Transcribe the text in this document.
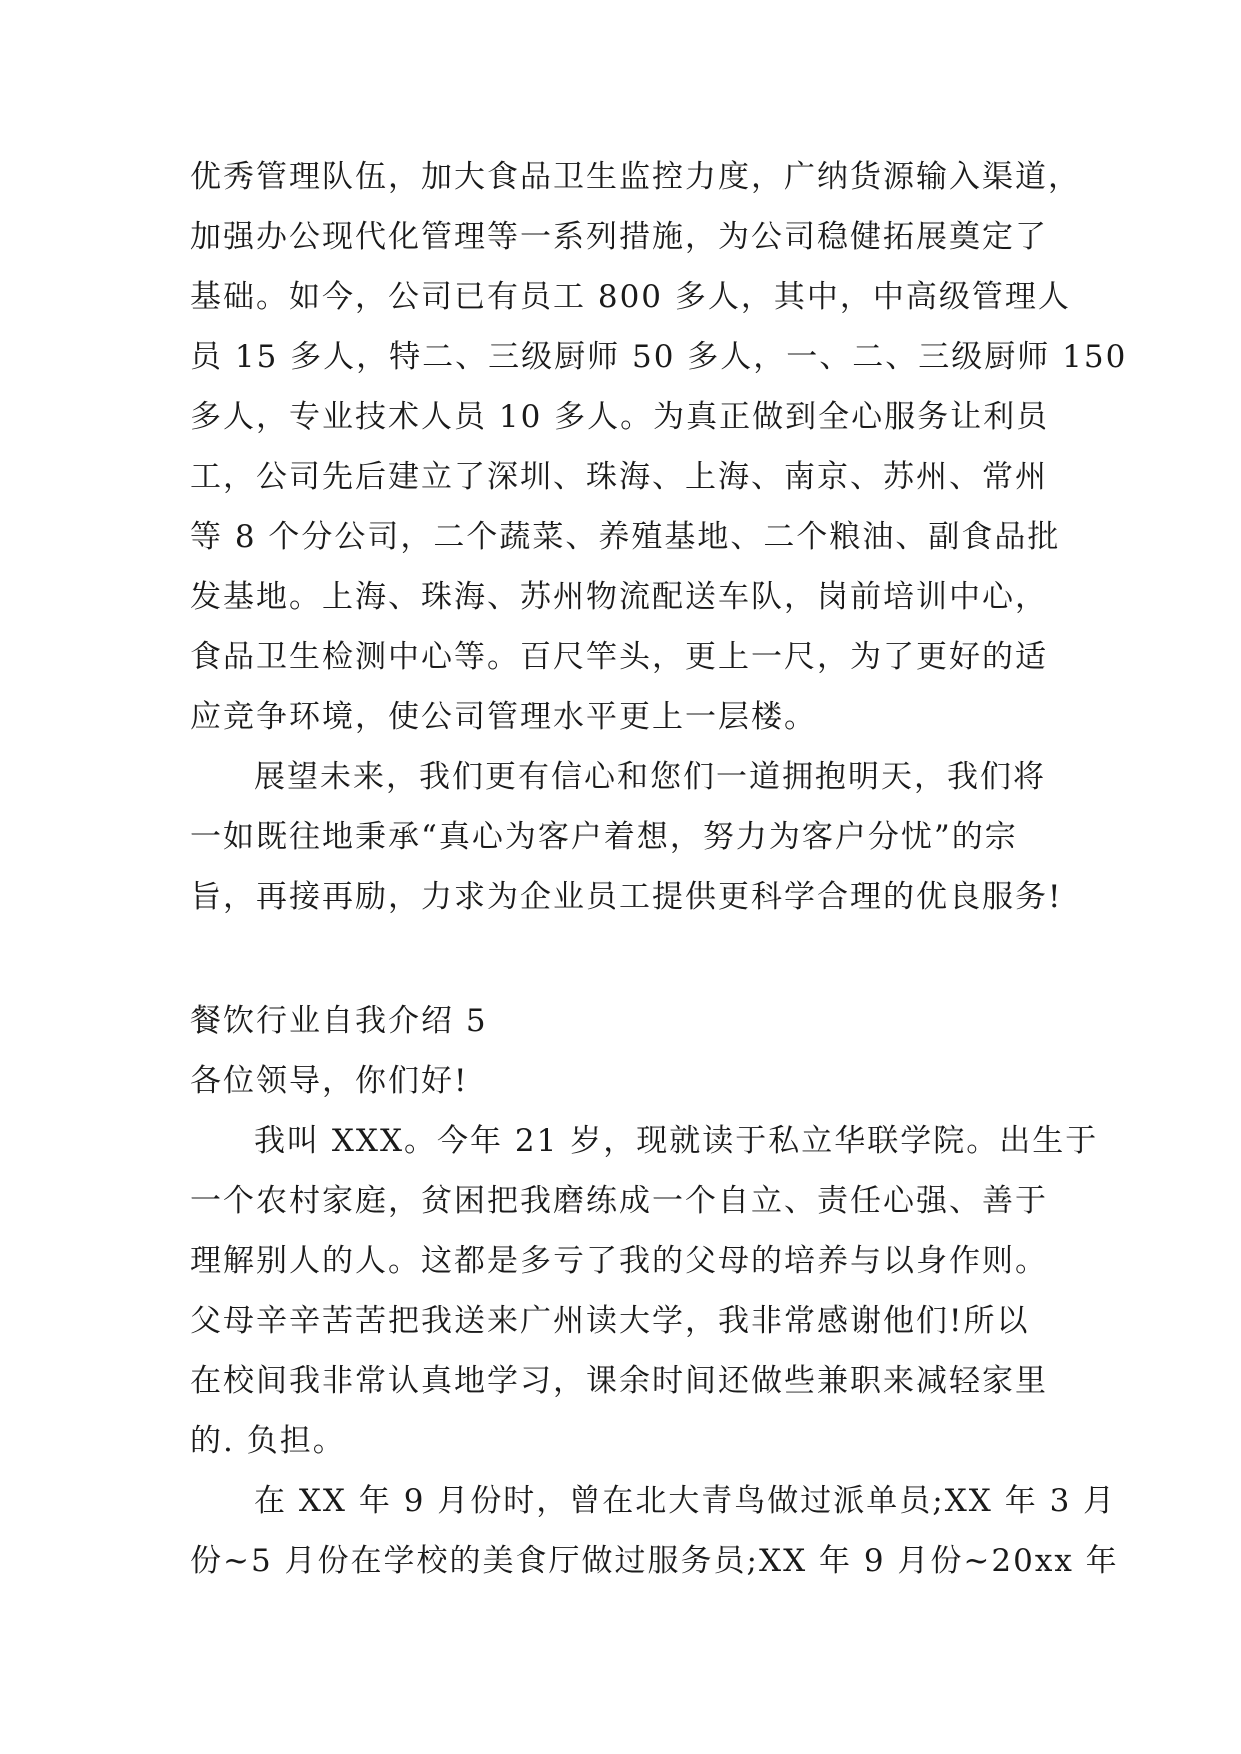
优秀管理队伍，加大食品卫生监控力度，广纳货源输入渠道，
加强办公现代化管理等一系列措施，为公司稳健拓展奠定了
基础。如今，公司已有员工 800 多人，其中，中高级管理人
员 15 多人，特二、三级厨师 50 多人，一、二、三级厨师 150
多人，专业技术人员 10 多人。为真正做到全心服务让利员
工，公司先后建立了深圳、珠海、上海、南京、苏州、常州
等 8 个分公司，二个蔬菜、养殖基地、二个粮油、副食品批
发基地。上海、珠海、苏州物流配送车队，岗前培训中心，
食品卫生检测中心等。百尺竿头，更上一尺，为了更好的适
应竞争环境，使公司管理水平更上一层楼。
展望未来，我们更有信心和您们一道拥抱明天，我们将
一如既往地秉承“真心为客户着想，努力为客户分忧”的宗
旨，再接再励，力求为企业员工提供更科学合理的优良服务!
餐饮行业自我介绍 5
各位领导，你们好!
我叫 XXX。今年 21 岁，现就读于私立华联学院。出生于
一个农村家庭，贫困把我磨练成一个自立、责任心强、善于
理解别人的人。这都是多亏了我的父母的培养与以身作则。
父母辛辛苦苦把我送来广州读大学，我非常感谢他们!所以
在校间我非常认真地学习，课余时间还做些兼职来减轻家里
的. 负担。
在 XX 年 9 月份时，曾在北大青鸟做过派单员;XX 年 3 月
份~5 月份在学校的美食厅做过服务员;XX 年 9 月份~20xx 年
